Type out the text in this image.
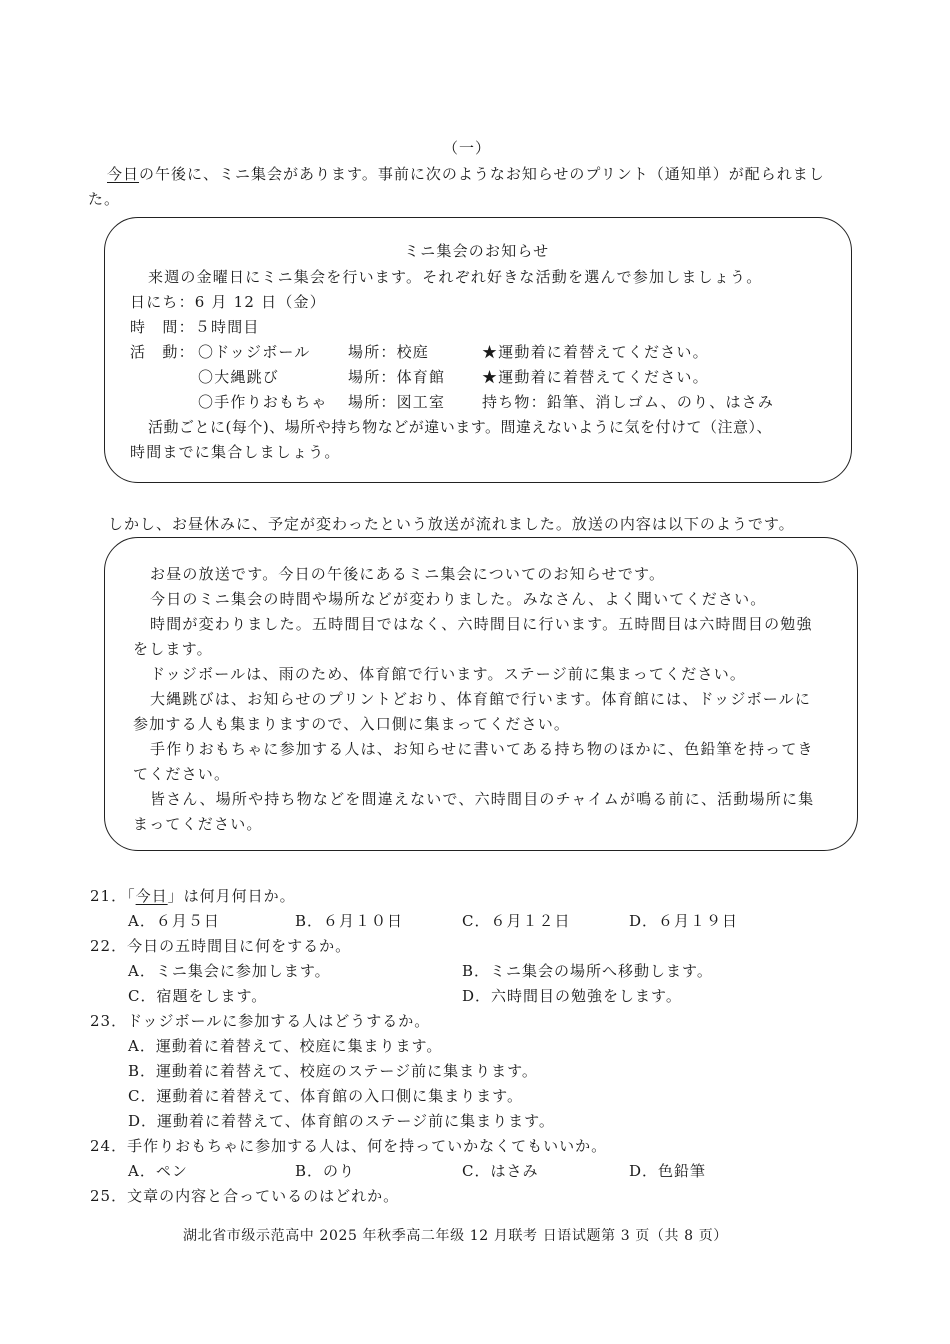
（一）
今日の午後に、ミニ集会があります。事前に次のようなお知らせのプリント（通知単）が配られまし
た。
ミニ集会のお知らせ
来週の金曜日にミニ集会を行います。それぞれ好きな活動を選んで参加しましょう。
日にち：6 月 12 日（金）
時　間：５時間目
活　動： 〇ドッジボール 場所：校庭	★運動着に着替えてください。
〇大縄跳び	場所：体育館 ★運動着に着替えてください。
〇手作りおもちゃ 場所：図工室 持ち物：鉛筆、消しゴム、のり、はさみ
活動ごとに(每个)、場所や持ち物などが違います。間違えないように気を付けて（注意）、
時間までに集合しましょう。
しかし、お昼休みに、予定が変わったという放送が流れました。放送の内容は以下のようです。
お昼の放送です。今日の午後にあるミニ集会についてのお知らせです。
今日のミニ集会の時間や場所などが変わりました。みなさん、よく聞いてください。
時間が変わりました。五時間目ではなく、六時間目に行います。五時間目は六時間目の勉強
をします。
ドッジボールは、雨のため、体育館で行います。ステージ前に集まってください。
大縄跳びは、お知らせのプリントどおり、体育館で行います。体育館には、ドッジボールに
参加する人も集まりますので、入口側に集まってください。
手作りおもちゃに参加する人は、お知らせに書いてある持ち物のほかに、色鉛筆を持ってき
てください。
皆さん、場所や持ち物などを間違えないで、六時間目のチャイムが鳴る前に、活動場所に集
まってください。
21．「今日」は何月何日か。
A．６月５日	B．６月１０日	C．６月１２日	D．６月１９日
22．今日の五時間目に何をするか。
A．ミニ集会に参加します。	B．ミニ集会の場所へ移動します。
C．宿題をします。	D．六時間目の勉強をします。
23．ドッジボールに参加する人はどうするか。
A．運動着に着替えて、校庭に集まります。
B．運動着に着替えて、校庭のステージ前に集まります。
C．運動着に着替えて、体育館の入口側に集まります。
D．運動着に着替えて、体育館のステージ前に集まります。
24．手作りおもちゃに参加する人は、何を持っていかなくてもいいか。
A．ペン	B．のり	C．はさみ	D．色鉛筆
25．文章の内容と合っているのはどれか。
湖北省市级示范高中 2025 年秋季高二年级 12 月联考 日语试题第 3 页（共 8 页）
